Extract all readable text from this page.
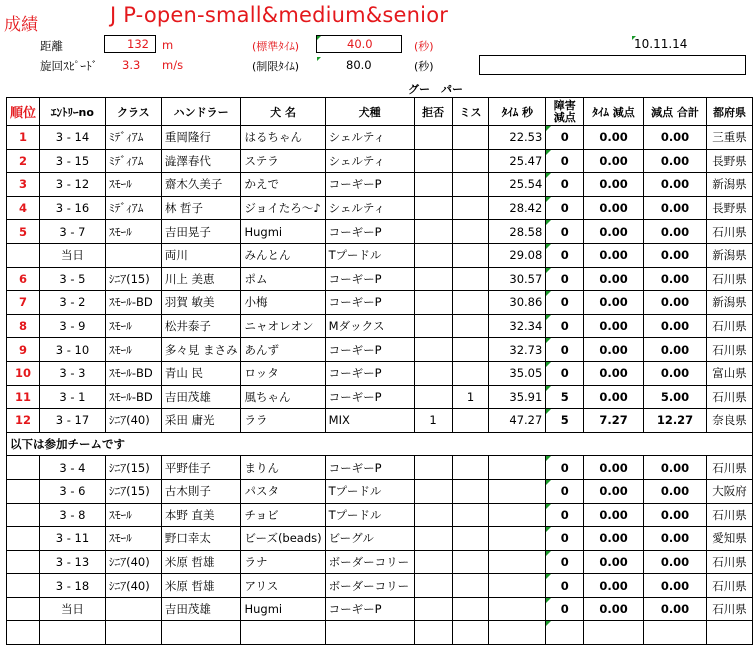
成績	J P-open-small&medium&senior
距離	132 m
旋回ｽﾋﾟｰﾄﾞ 3.3 m/s
(標準ﾀｲﾑ)	40.0	(秒)
(制限ﾀｲﾑ)	80.0	(秒)
10.11.14
グー　パー
順位	ｴﾝﾄﾘｰno	クラス	ハンドラー	犬 名	犬種	拒否	ミス	ﾀｲﾑ 秒	障害減点	ﾀｲﾑ 減点	減点 合計	都府県
1	3 - 14	ﾐﾃﾞｨｱﾑ	重岡隆行	はるちゃん	シェルティ			22.53	0	0.00	0.00	三重県
2	3 - 15	ﾐﾃﾞｨｱﾑ	澁澤春代	ステラ	シェルティ			25.47	0	0.00	0.00	長野県
3	3 - 12	ｽﾓｰﾙ	齋木久美子	かえで	コーギーP			25.54	0	0.00	0.00	新潟県
4	3 - 16	ﾐﾃﾞｨｱﾑ	林 哲子	ジョイたろ～♪	シェルティ			28.42	0	0.00	0.00	長野県
5	3 - 7	ｽﾓｰﾙ	吉田晃子	Hugmi	コーギーP			28.58	0	0.00	0.00	石川県
	当日		両川	みんとん	Tプードル			29.08	0	0.00	0.00	新潟県
6	3 - 5	ｼﾆｱ(15)	川上 美恵	ポム	コーギーP			30.57	0	0.00	0.00	石川県
7	3 - 2	ｽﾓｰﾙ-BD	羽賀 敏美	小梅	コーギーP			30.86	0	0.00	0.00	新潟県
8	3 - 9	ｽﾓｰﾙ	松井泰子	ニャオレオン	Mダックス			32.34	0	0.00	0.00	石川県
9	3 - 10	ｽﾓｰﾙ	多々見 まさみ	あんず	コーギーP			32.73	0	0.00	0.00	石川県
10	3 - 3	ｽﾓｰﾙ-BD	青山 民	ロッタ	コーギーP			35.05	0	0.00	0.00	富山県
11	3 - 1	ｽﾓｰﾙ-BD	吉田茂雄	風ちゃん	コーギーP		1	35.91	5	0.00	5.00	石川県
12	3 - 17	ｼﾆｱ(40)	采田 庸光	ララ	MIX	1		47.27	5	7.27	12.27	奈良県
以下は参加チームです												
	3 - 4	ｼﾆｱ(15)	平野佳子	まりん	コーギーP				0	0.00	0.00	石川県
	3 - 6	ｼﾆｱ(15)	古木則子	パスタ	Tプードル				0	0.00	0.00	大阪府
	3 - 8	ｽﾓｰﾙ	本野 直美	チョビ	Tプードル				0	0.00	0.00	石川県
	3 - 11	ｽﾓｰﾙ	野口幸太	ビーズ(beads)	ビーグル				0	0.00	0.00	愛知県
	3 - 13	ｼﾆｱ(40)	米原 哲雄	ラナ	ボーダーコリー				0	0.00	0.00	石川県
	3 - 18	ｼﾆｱ(40)	米原 哲雄	アリス	ボーダーコリー				0	0.00	0.00	石川県
	当日		吉田茂雄	Hugmi	コーギーP				0	0.00	0.00	石川県
